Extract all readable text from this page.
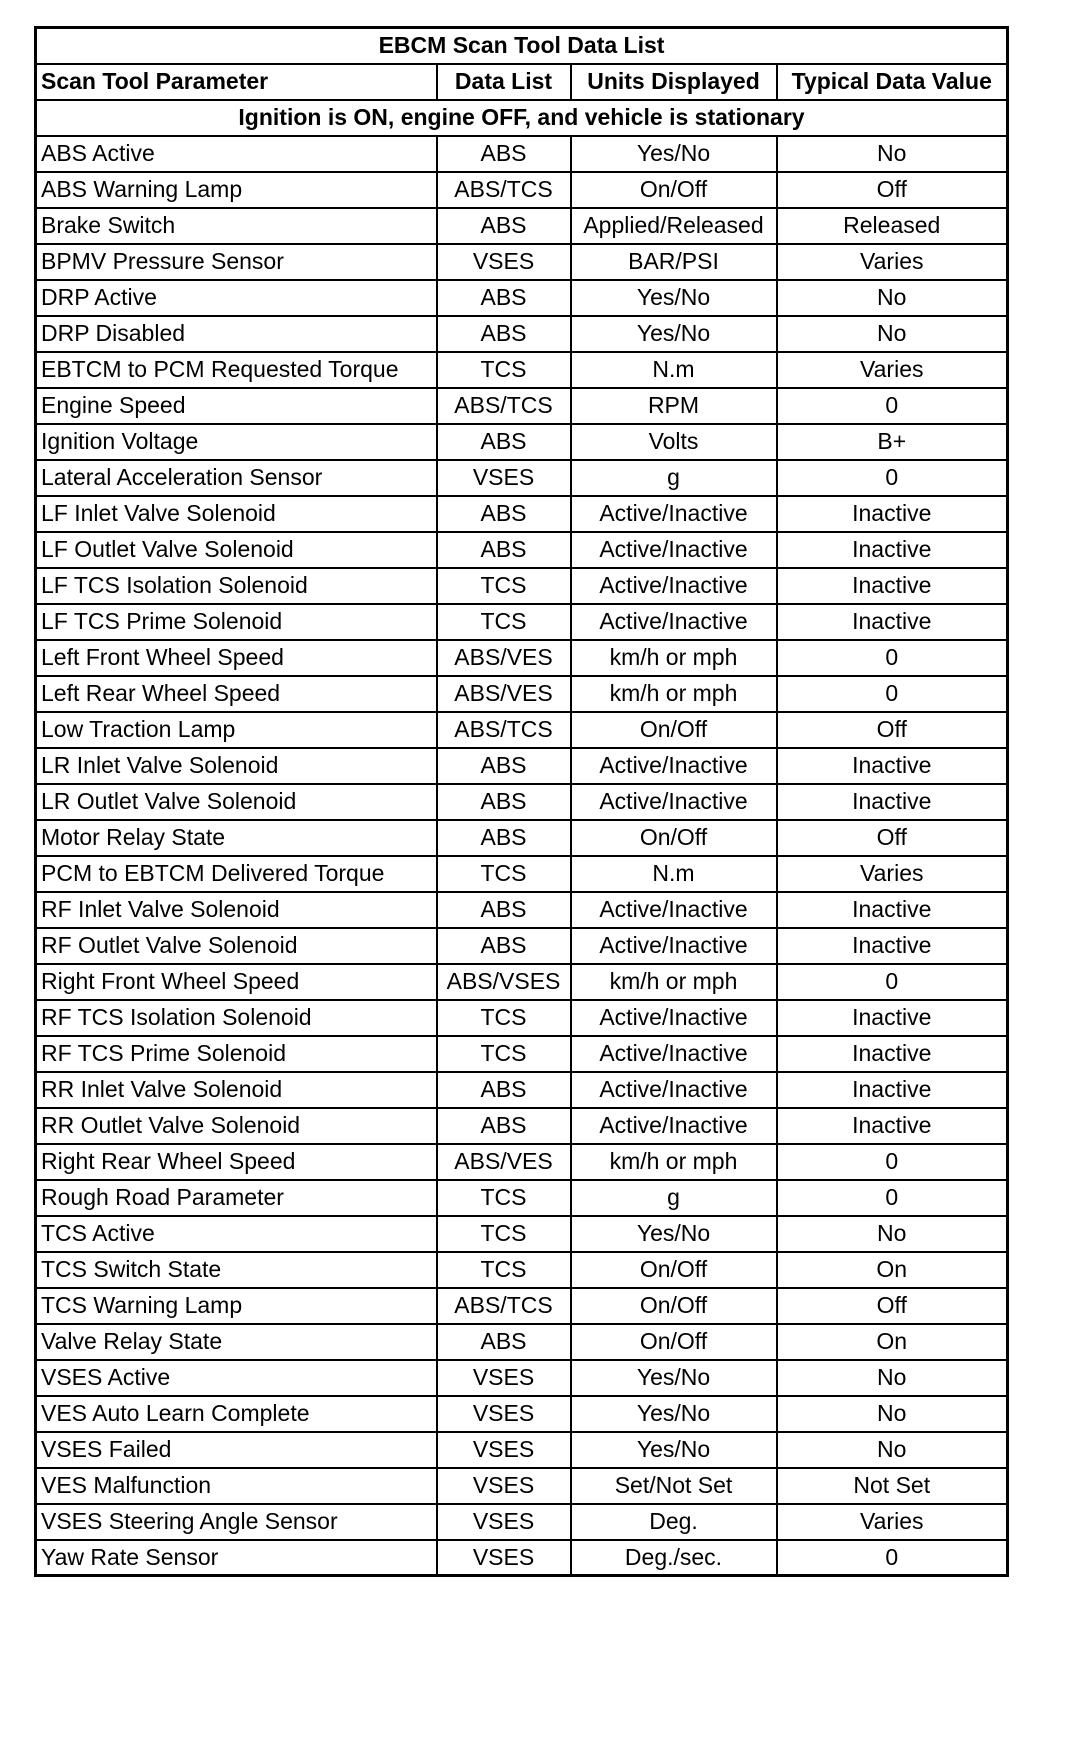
EBCM Scan Tool Data List			
Scan Tool Parameter	Data List	Units Displayed	Typical Data Value
Ignition is ON, engine OFF, and vehicle is stationary			
ABS Active	ABS	Yes/No	No
ABS Warning Lamp	ABS/TCS	On/Off	Off
Brake Switch	ABS	Applied/Released	Released
BPMV Pressure Sensor	VSES	BAR/PSI	Varies
DRP Active	ABS	Yes/No	No
DRP Disabled	ABS	Yes/No	No
EBTCM to PCM Requested Torque	TCS	N.m	Varies
Engine Speed	ABS/TCS	RPM	0
Ignition Voltage	ABS	Volts	B+
Lateral Acceleration Sensor	VSES	g	0
LF Inlet Valve Solenoid	ABS	Active/Inactive	Inactive
LF Outlet Valve Solenoid	ABS	Active/Inactive	Inactive
LF TCS Isolation Solenoid	TCS	Active/Inactive	Inactive
LF TCS Prime Solenoid	TCS	Active/Inactive	Inactive
Left Front Wheel Speed	ABS/VES	km/h or mph	0
Left Rear Wheel Speed	ABS/VES	km/h or mph	0
Low Traction Lamp	ABS/TCS	On/Off	Off
LR Inlet Valve Solenoid	ABS	Active/Inactive	Inactive
LR Outlet Valve Solenoid	ABS	Active/Inactive	Inactive
Motor Relay State	ABS	On/Off	Off
PCM to EBTCM Delivered Torque	TCS	N.m	Varies
RF Inlet Valve Solenoid	ABS	Active/Inactive	Inactive
RF Outlet Valve Solenoid	ABS	Active/Inactive	Inactive
Right Front Wheel Speed	ABS/VSES	km/h or mph	0
RF TCS Isolation Solenoid	TCS	Active/Inactive	Inactive
RF TCS Prime Solenoid	TCS	Active/Inactive	Inactive
RR Inlet Valve Solenoid	ABS	Active/Inactive	Inactive
RR Outlet Valve Solenoid	ABS	Active/Inactive	Inactive
Right Rear Wheel Speed	ABS/VES	km/h or mph	0
Rough Road Parameter	TCS	g	0
TCS Active	TCS	Yes/No	No
TCS Switch State	TCS	On/Off	On
TCS Warning Lamp	ABS/TCS	On/Off	Off
Valve Relay State	ABS	On/Off	On
VSES Active	VSES	Yes/No	No
VES Auto Learn Complete	VSES	Yes/No	No
VSES Failed	VSES	Yes/No	No
VES Malfunction	VSES	Set/Not Set	Not Set
VSES Steering Angle Sensor	VSES	Deg.	Varies
Yaw Rate Sensor	VSES	Deg./sec.	0
